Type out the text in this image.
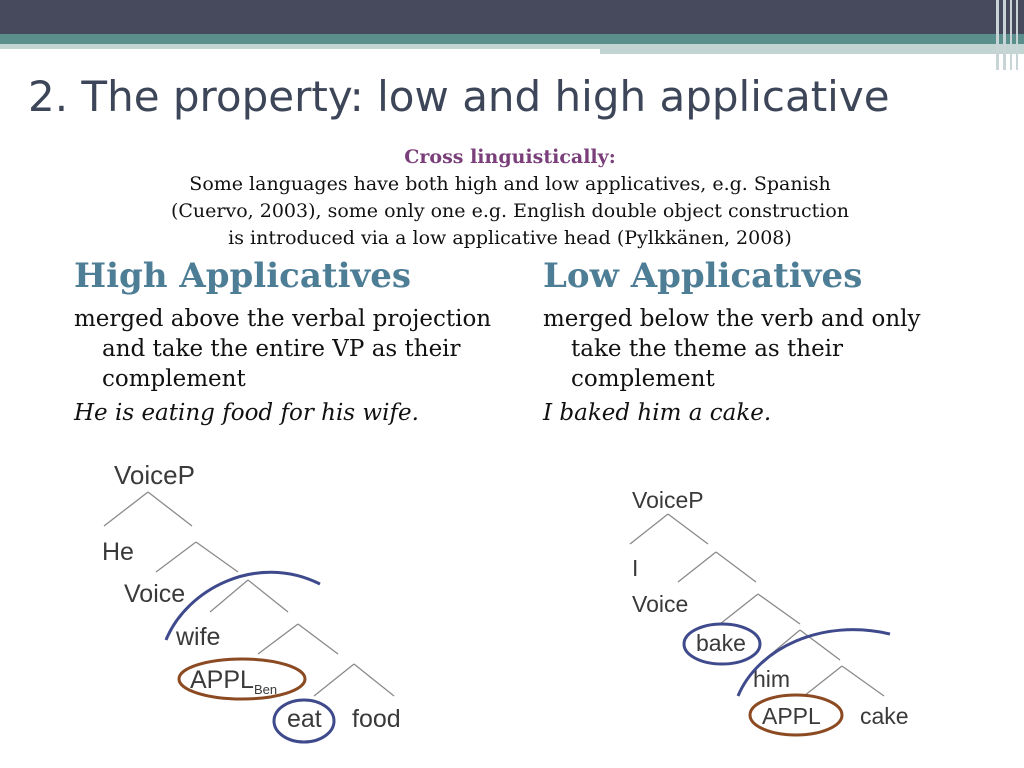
2. The property: low and high applicative
Cross linguistically:
Some languages have both high and low applicatives, e.g. Spanish
(Cuervo, 2003), some only one e.g. English double object construction
is introduced via a low applicative head (Pylkkänen, 2008)
High Applicatives
merged above the verbal projection and take the entire VP as their complement
He is eating food for his wife.
Low Applicatives
merged below the verb and only take the theme as their complement
I baked him a cake.
VoiceP
He
Voice
wife
$APPL_{Ben}$
eat food
VoiceP
I
Voice
bake
him
APPL cake
